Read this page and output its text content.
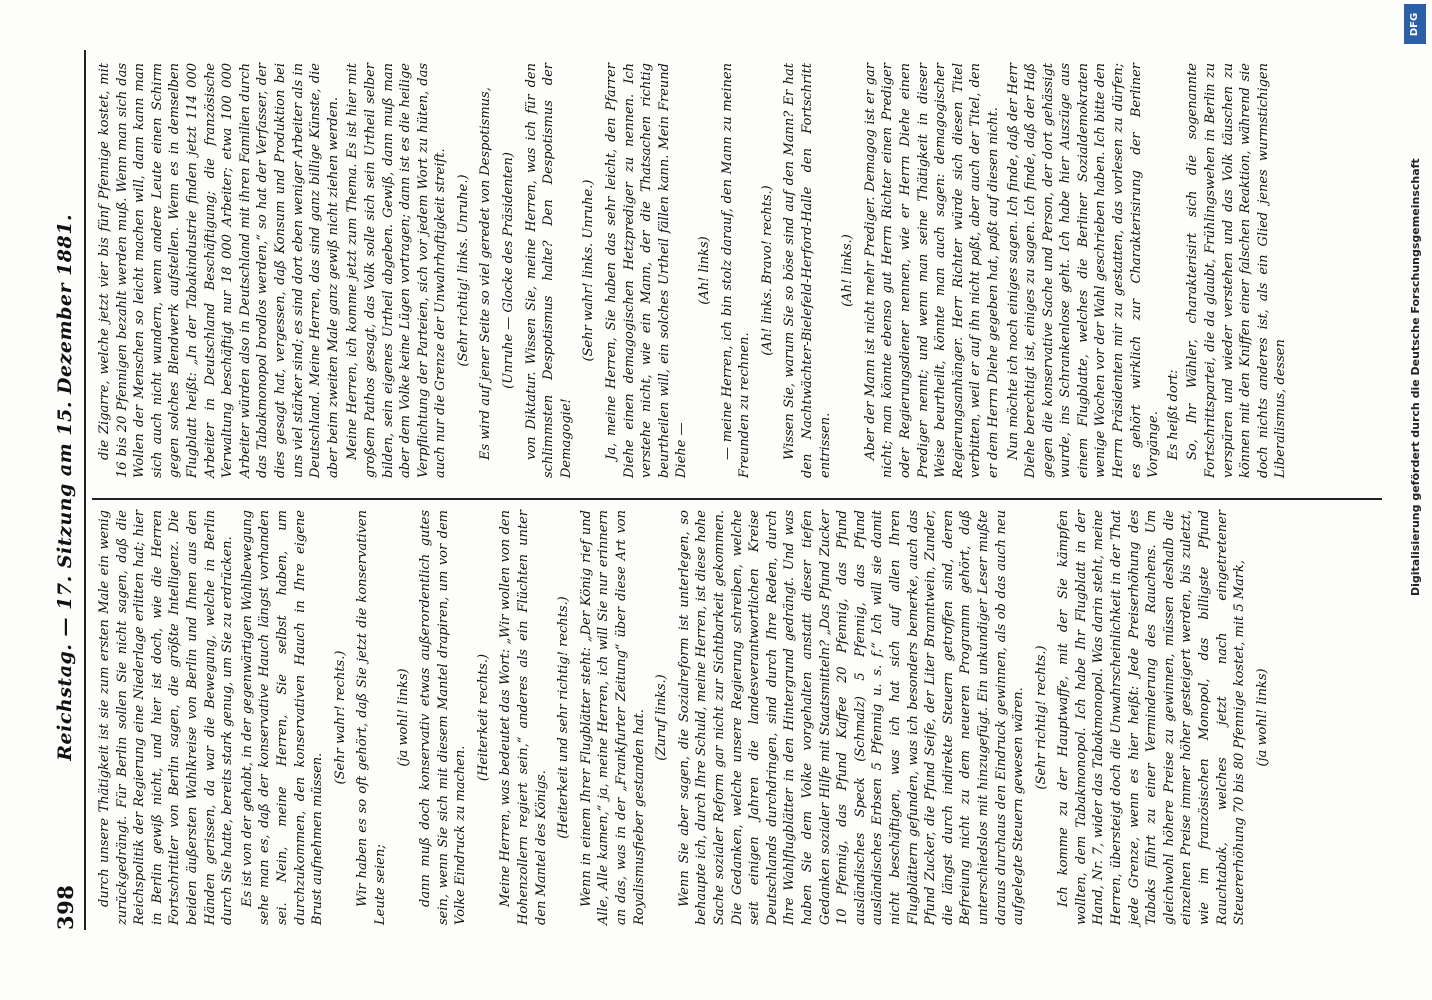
398
Reichstag. — 17. Sitzung am 15. Dezember 1881. durch unsere Thätigkeit ist sie zum ersten Male ein wenig zurückgedrängt. Für Berlin sollen Sie nicht sagen, daß die Reichspolitik der Regierung eine Niederlage erlitten hat; hier in Berlin gewiß nicht, und hier ist doch, wie die Herren Fortschrittler von Berlin sagen, die größte Intelligenz. Die beiden äußersten Wahlkreise von Berlin und Ihnen aus den Händen gerissen, da war die Bewegung, welche in Berlin durch Sie hatte, bereits stark genug, um Sie zu erdrücken. Es ist von der gehabt, in der gegenwärtigen Wahlbewegung sehe man es, daß der konservative Hauch längst vorhanden sei. Nein, meine Herren, Sie selbst haben, um durchzukommen, den konservativen Hauch in Ihre eigene Brust aufnehmen müssen.

(Sehr wahr! rechts.) Wir haben es so oft gehört, daß Sie jetzt die konservativen Leute seien;

(ja wohl! links) dann muß doch konservativ etwas außerordentlich gutes sein, wenn Sie sich mit diesem Mantel drapiren, um vor dem Volke Eindruck zu machen.

(Heiterkeit rechts.) Meine Herren, was bedeutet das Wort: „Wir wollen von den Hohenzollern regiert sein,“ anderes als ein Flüchten unter den Mantel des Königs.

(Heiterkeit und sehr richtig! rechts.) Wenn in einem Ihrer Flugblätter steht: „Der König rief und Alle, Alle kamen,“ ja, meine Herren, ich will Sie nur erinnern an das, was in der „Frankfurter Zeitung“ über diese Art von Royalismusfieber gestanden hat. (Zuruf links.) Wenn Sie aber sagen, die Sozialreform ist unterlegen, so behaupte ich, durch Ihre Schuld, meine Herren, ist diese hohe Sache sozialer Reform gar nicht zur Sichtbarkeit gekommen. Die Gedanken, welche unsere Regierung schreiben, welche seit einigen Jahren die landesverantwortlichen Kreise Deutschlands durchdringen, sind durch Ihre Reden, durch Ihre Wahlflugblätter in den Hintergrund gedrängt. Und was haben Sie dem Volke vorgehalten anstatt dieser tiefen Gedanken sozialer Hilfe mit Staatsmitteln? „Das Pfund Zucker 10 Pfennig, das Pfund Kaffee 20 Pfennig, das Pfund ausländisches Speck (Schmalz) 5 Pfennig, das Pfund ausländisches Erbsen 5 Pfennig u. s. f.“ Ich will sie damit nicht beschäftigen, was ich hat sich auf allen Ihren Flugblättern gefunden, was ich besonders bemerke, auch das Pfund Zucker, die Pfund Seife, der Liter Branntwein, Zunder, die längst durch indirekte Steuern getroffen sind, deren Befreiung nicht zu dem neueren Programm gehört, daß unterschiedslos mit hinzugefügt. Ein unkundiger Leser mußte daraus durchaus den Eindruck gewinnen, als ob das auch neu aufgelegte Steuern gewesen wären. (Sehr richtig! rechts.) Ich komme zu der Hauptwaffe, mit der Sie kämpfen wollten, dem Tabakmonopol. Ich habe Ihr Flugblatt in der Hand, Nr. 7, wider das Tabakmonopol. Was darin steht, meine Herren, übersteigt doch die Unwahrscheinlichkeit in der That jede Grenze, wenn es hier heißt: Jede Preiserhöhung des Tabaks führt zu einer Verminderung des Rauchens. Um gleichwohl höhere Preise zu gewinnen, müssen deshalb die einzelnen Preise immer höher gesteigert werden, bis zuletzt, wie im französischen Monopol, das billigste Pfund Rauchtabak, welches jetzt nach eingetretener Steuererhöhung 70 bis 80 Pfennige kostet, mit 5 Mark, (ja wohl! links)

die Zigarre, welche jetzt vier bis fünf Pfennige kostet, mit 16 bis 20 Pfennigen bezahlt werden muß. Wenn man sich das Wollen der Menschen so leicht machen will, dann kann man sich auch nicht wundern, wenn andere Leute einen Schirm gegen solches Blendwerk aufstellen. Wenn es in demselben Flugblatt heißt: „In der Tabakindustrie finden jetzt 114 000 Arbeiter in Deutschland Beschäftigung; die französische Verwaltung beschäftigt nur 18 000 Arbeiter; etwa 100 000 Arbeiter würden also in Deutschland mit ihren Familien durch das Tabakmonopol brodlos werden,“ so hat der Verfasser, der dies gesagt hat, vergessen, daß Konsum und Produktion bei uns viel stärker sind; es sind dort eben weniger Arbeiter als in Deutschland. Meine Herren, das sind ganz billige Künste, die aber beim zweiten Male ganz gewiß nicht ziehen werden. Meine Herren, ich komme jetzt zum Thema. Es ist hier mit großem Pathos gesagt, das Volk solle sich sein Urtheil selber bilden, sein eigenes Urtheil abgeben. Gewiß, dann muß man aber dem Volke keine Lügen vortragen; dann ist es die heilige Verpflichtung der Parteien, sich vor jedem Wort zu hüten, das auch nur die Grenze der Unwahrhaftigkeit streift. (Sehr richtig! links. Unruhe.) Es wird auf jener Seite so viel geredet von Despotismus, (Unruhe — Glocke des Präsidenten) von Diktatur. Wissen Sie, meine Herren, was ich für den schlimmsten Despotismus halte? Den Despotismus der Demagogie!

(Sehr wahr! links. Unruhe.) Ja, meine Herren, Sie haben das sehr leicht, den Pfarrer Diehe einen demagogischen Hetzprediger zu nennen. Ich verstehe nicht, wie ein Mann, der die Thatsachen richtig beurtheilen will, ein solches Urtheil fällen kann. Mein Freund Diehe —

(Ah! links) — meine Herren, ich bin stolz darauf, den Mann zu meinen Freunden zu rechnen.

(Ah! links. Bravo! rechts.) Wissen Sie, warum Sie so böse sind auf den Mann? Er hat den Nachtwächter-Bielefeld-Herford-Halle den Fortschritt entrissen.

(Ah! links.) Aber der Mann ist nicht mehr Prediger. Demagog ist er gar nicht; man könnte ebenso gut Herrn Richter einen Prediger oder Regierungsdiener nennen, wie er Herrn Diehe einen Prediger nennt; und wenn man seine Thätigkeit in dieser Weise beurtheilt, könnte man auch sagen: demagogischer Regierungsanhänger. Herr Richter würde sich diesen Titel verbitten, weil er auf ihn nicht paßt, aber auch der Titel, den er dem Herrn Diehe gegeben hat, paßt auf diesen nicht. Nun möchte ich noch einiges sagen. Ich finde, daß der Herr Diehe berechtigt ist, einiges zu sagen. Ich finde, daß der Haß gegen die konservative Sache und Person, der dort gehässigt wurde, ins Schrankenlose geht. Ich habe hier Auszüge aus einem Flugblatte, welches die Berliner Sozialdemokraten wenige Wochen vor der Wahl geschrieben haben. Ich bitte den Herrn Präsidenten mir zu gestatten, das vorlesen zu dürfen; es gehört wirklich zur Charakterisirung der Berliner Vorgänge. Es heißt dort: So, Ihr Wähler, charakterisirt sich die sogenannte Fortschrittspartei, die da glaubt, Frühlingswehen in Berlin zu verspüren und wieder verstehen und das Volk täuschen zu können mit den Kniffen einer falschen Reaktion, während sie doch nichts anderes ist, als ein Glied jenes wurmstichigen Liberalismus, dessen	Digitalisierung gefördert durch die Deutsche Forschungsgemeinschaft
DFG
